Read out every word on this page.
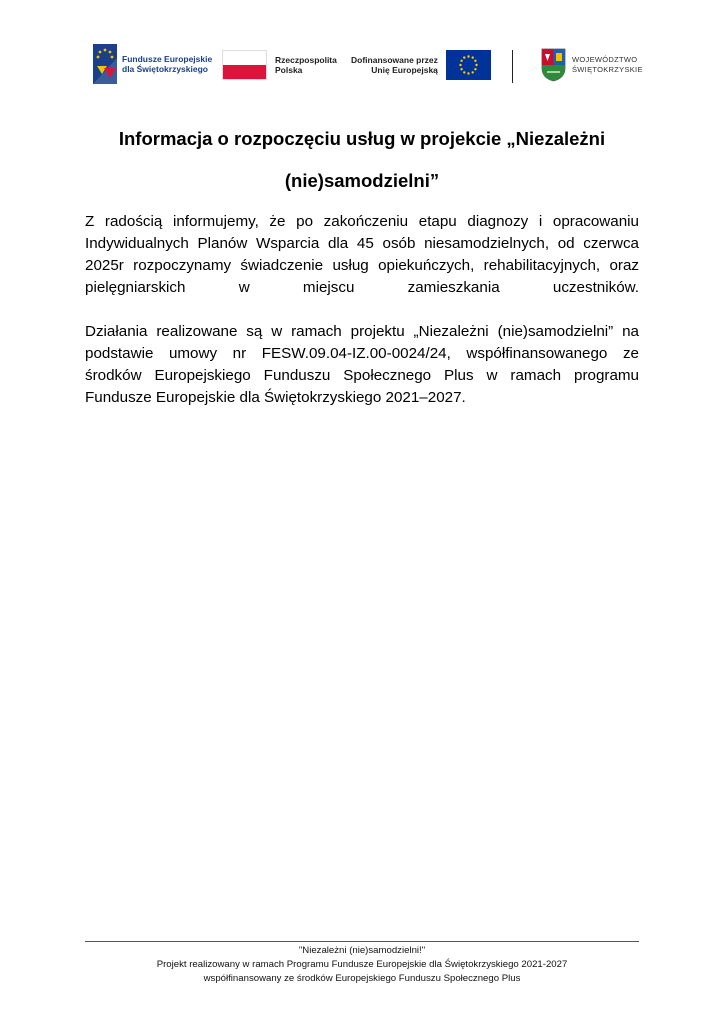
Fundusze Europejskie
dla Świętokrzyskiego
Rzeczpospolita
Polska
Dofinansowane przez
Unię Europejską
WOJEWÓDZTWO
ŚWIĘTOKRZYSKIE
Informacja o rozpoczęciu usług w projekcie „Niezależni
(nie)samodzielni”

Z radością informujemy, że po zakończeniu etapu diagnozy i opracowaniu Indywidualnych Planów Wsparcia dla 45 osób niesamodzielnych, od czerwca 2025r rozpoczynamy świadczenie usług opiekuńczych, rehabilitacyjnych, oraz pielęgniarskich w miejscu zamieszkania uczestników.

Działania realizowane są w ramach projektu „Niezależni (nie)samodzielni” na podstawie umowy nr FESW.09.04-IZ.00-0024/24, współfinansowanego ze środków Europejskiego Funduszu Społecznego Plus w ramach programu Fundusze Europejskie dla Świętokrzyskiego 2021–2027.

"Niezależni (nie)samodzielni!"
Projekt realizowany w ramach Programu Fundusze Europejskie dla Świętokrzyskiego 2021-2027
współfinansowany ze środków Europejskiego Funduszu Społecznego Plus
